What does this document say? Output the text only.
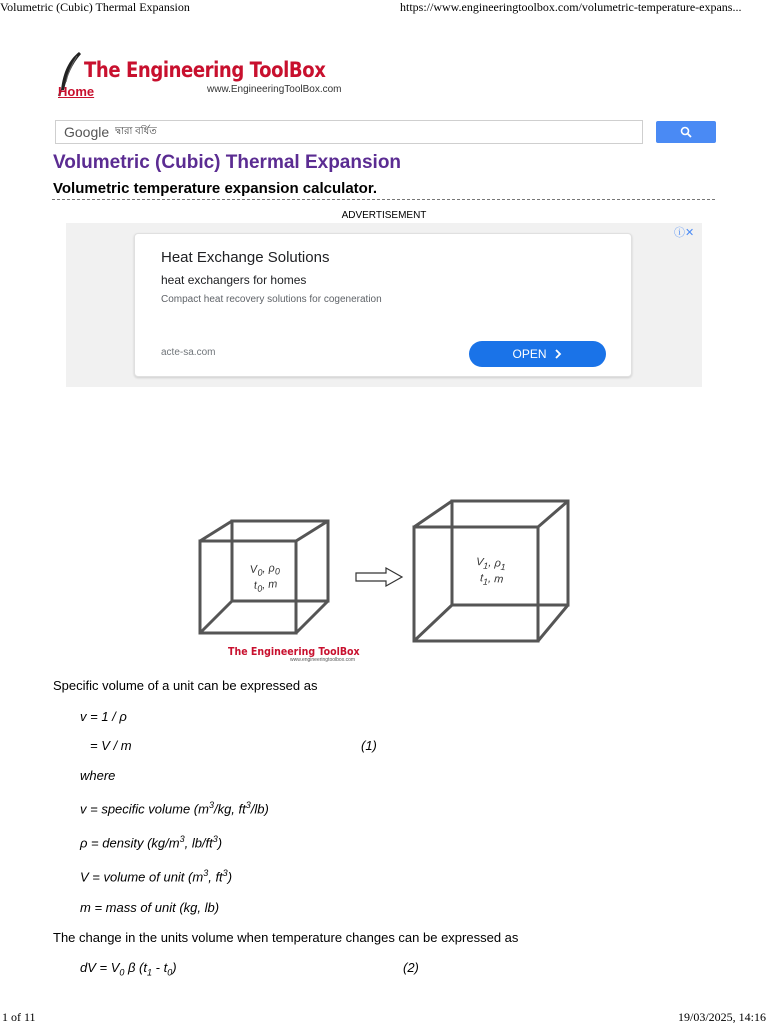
Volumetric (Cubic) Thermal Expansion	https://www.engineeringtoolbox.com/volumetric-temperature-expans...
The Engineering ToolBox
www.EngineeringToolBox.com
Home
Google দ্বারা বর্ধিত
Volumetric (Cubic) Thermal Expansion
Volumetric temperature expansion calculator.
ADVERTISEMENT
ⓘ✕
Heat Exchange Solutions
heat exchangers for homes
Compact heat recovery solutions for cogeneration
acte-sa.com	OPEN
$V_0$, $\rho_0$
$t_0$, m
$V_1$, $\rho_1$
$t_1$, m
The Engineering ToolBox
www.engineeringtoolbox.com
Specific volume of a unit can be expressed as
v = 1 / ρ
= V / m	(1)
where
v = specific volume ($m^3/kg$, $ft^3/lb$)
ρ = density ($kg/m^3$, $lb/ft^3$)
V = volume of unit ($m^3$, $ft^3$)
m = mass of unit (kg, lb)
The change in the units volume when temperature changes can be expressed as
dV = $V_0$ β $(t_1 - t_0)$	(2)
1 of 11	19/03/2025, 14:16
